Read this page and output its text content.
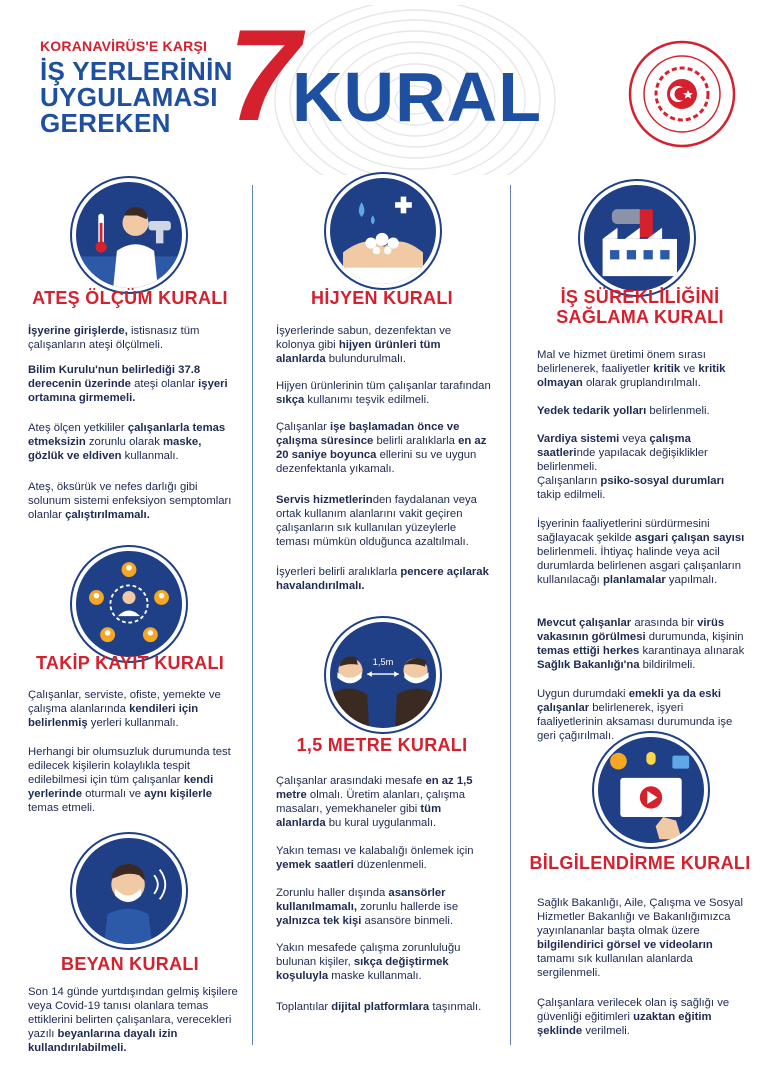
KORANAVİRÜS'E KARŞI
İŞ YERLERİNİN
UYGULAMASI
GEREKEN 7
KURAL
ATEŞ ÖLÇÜM KURALI
İşyerine girişlerde, istisnasız tüm çalışanların ateşi ölçülmeli.
Bilim Kurulu'nun belirlediği 37.8 derecenin üzerinde ateşi olanlar işyeri ortamına girmemeli.
Ateş ölçen yetkililer çalışanlarla temas etmeksizin zorunlu olarak maske, gözlük ve eldiven kullanmalı.
Ateş, öksürük ve nefes darlığı gibi solunum sistemi enfeksiyon semptomları olanlar çalıştırılmamalı.
TAKİP KAYIT KURALI
Çalışanlar, serviste, ofiste, yemekte ve çalışma alanlarında kendileri için belirlenmiş yerleri kullanmalı.
Herhangi bir olumsuzluk durumunda test edilecek kişilerin kolaylıkla tespit edilebilmesi için tüm çalışanlar kendi yerlerinde oturmalı ve aynı kişilerle temas etmeli.
BEYAN KURALI
Son 14 günde yurtdışından gelmiş kişilere veya Covid-19 tanısı olanlara temas ettiklerini belirten çalışanlara, verecekleri yazılı beyanlarına dayalı izin kullandırılabilmeli.
HİJYEN KURALI
İşyerlerinde sabun, dezenfektan ve kolonya gibi hijyen ürünleri tüm alanlarda bulundurulmalı.
Hijyen ürünlerinin tüm çalışanlar tarafından sıkça kullanımı teşvik edilmeli.
Çalışanlar işe başlamadan önce ve çalışma süresince belirli aralıklarla en az 20 saniye boyunca ellerini su ve uygun dezenfektanla yıkamalı.
Servis hizmetlerinden faydalanan veya ortak kullanım alanlarını vakit geçiren çalışanların sık kullanılan yüzeylerle teması mümkün olduğunca azaltılmalı.
İşyerleri belirli aralıklarla pencere açılarak havalandırılmalı.
1,5m
1,5 METRE KURALI
Çalışanlar arasındaki mesafe en az 1,5 metre olmalı. Üretim alanları, çalışma masaları, yemekhaneler gibi tüm alanlarda bu kural uygulanmalı.
Yakın teması ve kalabalığı önlemek için yemek saatleri düzenlenmeli.
Zorunlu haller dışında asansörler kullanılmamalı, zorunlu hallerde ise yalnızca tek kişi asansöre binmeli.
Yakın mesafede çalışma zorunluluğu bulunan kişiler, sıkça değiştirmek koşuluyla maske kullanmalı.
Toplantılar dijital platformlara taşınmalı.
İŞ SÜREKLİLİĞİNİ
SAĞLAMA KURALI
Mal ve hizmet üretimi önem sırası belirlenerek, faaliyetler kritik ve kritik olmayan olarak gruplandırılmalı.
Yedek tedarik yolları belirlenmeli.
Vardiya sistemi veya çalışma saatlerinde yapılacak değişiklikler belirlenmeli.
Çalışanların psiko-sosyal durumları takip edilmeli.
İşyerinin faaliyetlerini sürdürmesini sağlayacak şekilde asgari çalışan sayısı belirlenmeli. İhtiyaç halinde veya acil durumlarda belirlenen asgari çalışanların kullanılacağı planlamalar yapılmalı.
Mevcut çalışanlar arasında bir virüs vakasının görülmesi durumunda, kişinin temas ettiği herkes karantinaya alınarak Sağlık Bakanlığı'na bildirilmeli.
Uygun durumdaki emekli ya da eski çalışanlar belirlenerek, işyeri faaliyetlerinin aksaması durumunda işe geri çağırılmalı.
BİLGİLENDİRME KURALI
Sağlık Bakanlığı, Aile, Çalışma ve Sosyal Hizmetler Bakanlığı ve Bakanlığımızca yayınlananlar başta olmak üzere bilgilendirici görsel ve videoların tamamı sık kullanılan alanlarda sergilenmeli.
Çalışanlara verilecek olan iş sağlığı ve güvenliği eğitimleri uzaktan eğitim şeklinde verilmeli.
